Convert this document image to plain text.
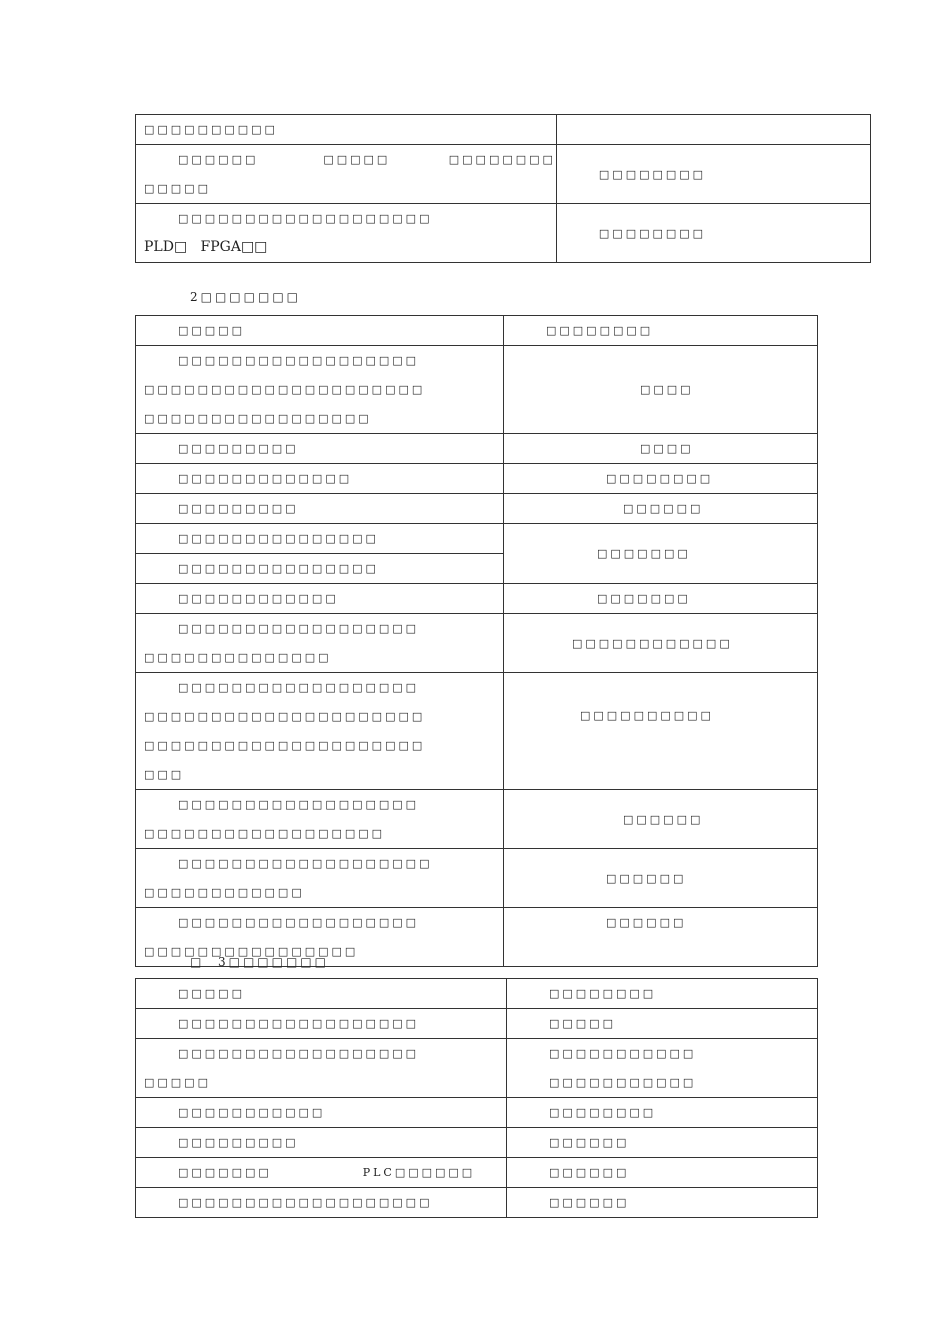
□□□□□□□□□□	

□□□□□□          □□□□□         □□□□□□□□
□□□□□	□□□□□□□□

□□□□□□□□□□□□□□□□□□□
PLD□   FPGA□□	□□□□□□□□
2□□□□□□□
□□□□□	□□□□□□□□

□□□□□□□□□□□□□□□□□□
□□□□□□□□□□□□□□□□□□□□□
□□□□□□□□□□□□□□□□□	□□□□

□□□□□□□□□	□□□□

□□□□□□□□□□□□□	□□□□□□□□

□□□□□□□□□	□□□□□□

□□□□□□□□□□□□□□□
□□□□□□□□□□□□□□□	□□□□□□□

□□□□□□□□□□□□	□□□□□□□

□□□□□□□□□□□□□□□□□□
□□□□□□□□□□□□□□	□□□□□□□□□□□□

□□□□□□□□□□□□□□□□□□
□□□□□□□□□□□□□□□□□□□□□
□□□□□□□□□□□□□□□□□□□□□
□□□	□□□□□□□□□□

□□□□□□□□□□□□□□□□□□
□□□□□□□□□□□□□□□□□□	□□□□□□

□□□□□□□□□□□□□□□□□□□
□□□□□□□□□□□□	□□□□□□

□□□□□□□□□□□□□□□□□□
□□□□□□□□□□□□□□□□	□□□□□□
□  3□□□□□□□
□□□□□	□□□□□□□□

□□□□□□□□□□□□□□□□□□	□□□□□

□□□□□□□□□□□□□□□□□□
□□□□□	□□□□□□□□□□□
□□□□□□□□□□□

□□□□□□□□□□□	□□□□□□□□

□□□□□□□□□	□□□□□□

□□□□□□□              PLC□□□□□□	□□□□□□

□□□□□□□□□□□□□□□□□□□	□□□□□□
